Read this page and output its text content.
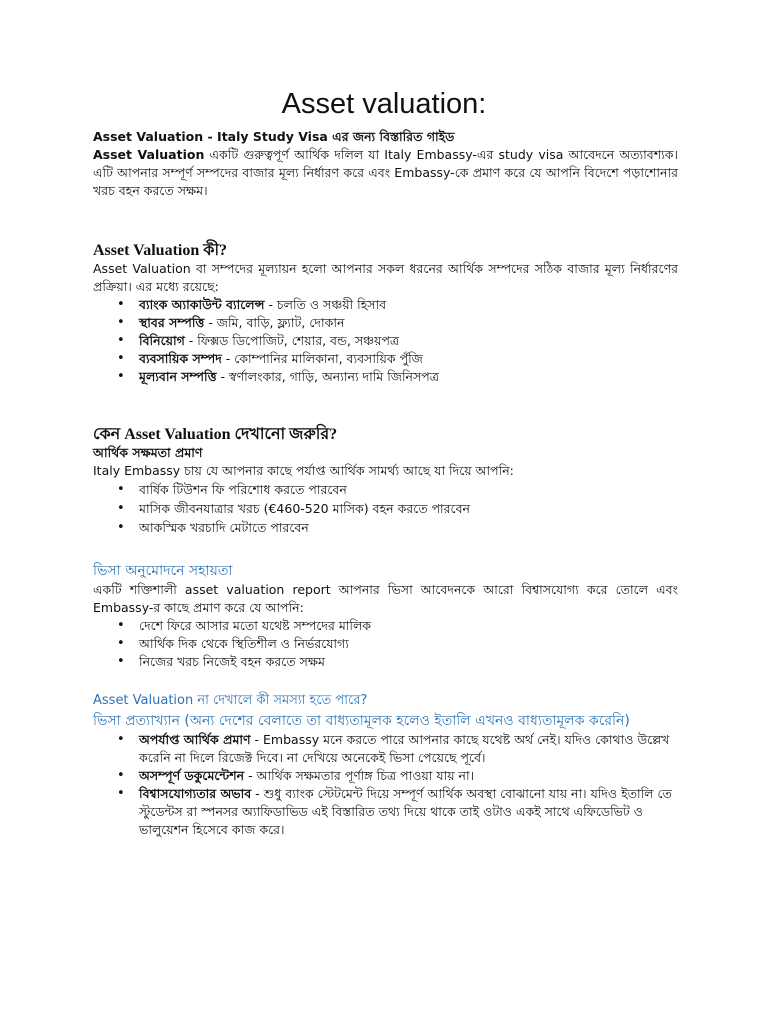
Asset valuation:
Asset Valuation - Italy Study Visa এর জন্য বিস্তারিত গাইড
Asset Valuation একটি গুরুত্বপূর্ণ আর্থিক দলিল যা Italy Embassy-এর study visa আবেদনে অত্যাবশ্যক। এটি আপনার সম্পূর্ণ সম্পদের বাজার মূল্য নির্ধারণ করে এবং Embassy-কে প্রমাণ করে যে আপনি বিদেশে পড়াশোনার খরচ বহন করতে সক্ষম।
Asset Valuation কী?
Asset Valuation বা সম্পদের মূল্যায়ন হলো আপনার সকল ধরনের আর্থিক সম্পদের সঠিক বাজার মূল্য নির্ধারণের প্রক্রিয়া। এর মধ্যে রয়েছে:
• ব্যাংক অ্যাকাউন্ট ব্যালেন্স - চলতি ও সঞ্চয়ী হিসাব
• স্থাবর সম্পত্তি - জমি, বাড়ি, ফ্ল্যাট, দোকান
• বিনিয়োগ - ফিক্সড ডিপোজিট, শেয়ার, বন্ড, সঞ্চয়পত্র
• ব্যবসায়িক সম্পদ - কোম্পানির মালিকানা, ব্যবসায়িক পুঁজি
• মূল্যবান সম্পত্তি - স্বর্ণালংকার, গাড়ি, অন্যান্য দামি জিনিসপত্র
কেন Asset Valuation দেখানো জরুরি?
আর্থিক সক্ষমতা প্রমাণ
Italy Embassy চায় যে আপনার কাছে পর্যাপ্ত আর্থিক সামর্থ্য আছে যা দিয়ে আপনি:
• বার্ষিক টিউশন ফি পরিশোধ করতে পারবেন
• মাসিক জীবনযাত্রার খরচ (€460-520 মাসিক) বহন করতে পারবেন
• আকস্মিক খরচাদি মেটাতে পারবেন
ভিসা অনুমোদনে সহায়তা
একটি শক্তিশালী asset valuation report আপনার ভিসা আবেদনকে আরো বিশ্বাসযোগ্য করে তোলে এবং Embassy-র কাছে প্রমাণ করে যে আপনি:
• দেশে ফিরে আসার মতো যথেষ্ট সম্পদের মালিক
• আর্থিক দিক থেকে স্থিতিশীল ও নির্ভরযোগ্য
• নিজের খরচ নিজেই বহন করতে সক্ষম
Asset Valuation না দেখালে কী সমস্যা হতে পারে?
ভিসা প্রত্যাখ্যান (অন্য দেশের বেলাতে তা বাধ্যতামূলক হলেও ইতালি এখনও বাধ্যতামূলক করেনি)
• অপর্যাপ্ত আর্থিক প্রমাণ - Embassy মনে করতে পারে আপনার কাছে যথেষ্ট অর্থ নেই। যদিও কোথাও উল্লেখ করেনি না দিলে রিজেক্ট দিবে। না দেখিয়ে অনেকেই ভিসা পেয়েছে পূর্বে।
• অসম্পূর্ণ ডকুমেন্টেশন - আর্থিক সক্ষমতার পূর্ণাঙ্গ চিত্র পাওয়া যায় না।
• বিশ্বাসযোগ্যতার অভাব - শুধু ব্যাংক স্টেটমেন্ট দিয়ে সম্পূর্ণ আর্থিক অবস্থা বোঝানো যায় না। যদিও ইতালি তে স্টুডেন্টস রা স্পনসর অ্যাফিডাভিড এই বিস্তারিত তথ্য দিয়ে থাকে তাই ওটাও একই সাথে এফিডেভিট ও ভালুয়েশন হিসেবে কাজ করে।
